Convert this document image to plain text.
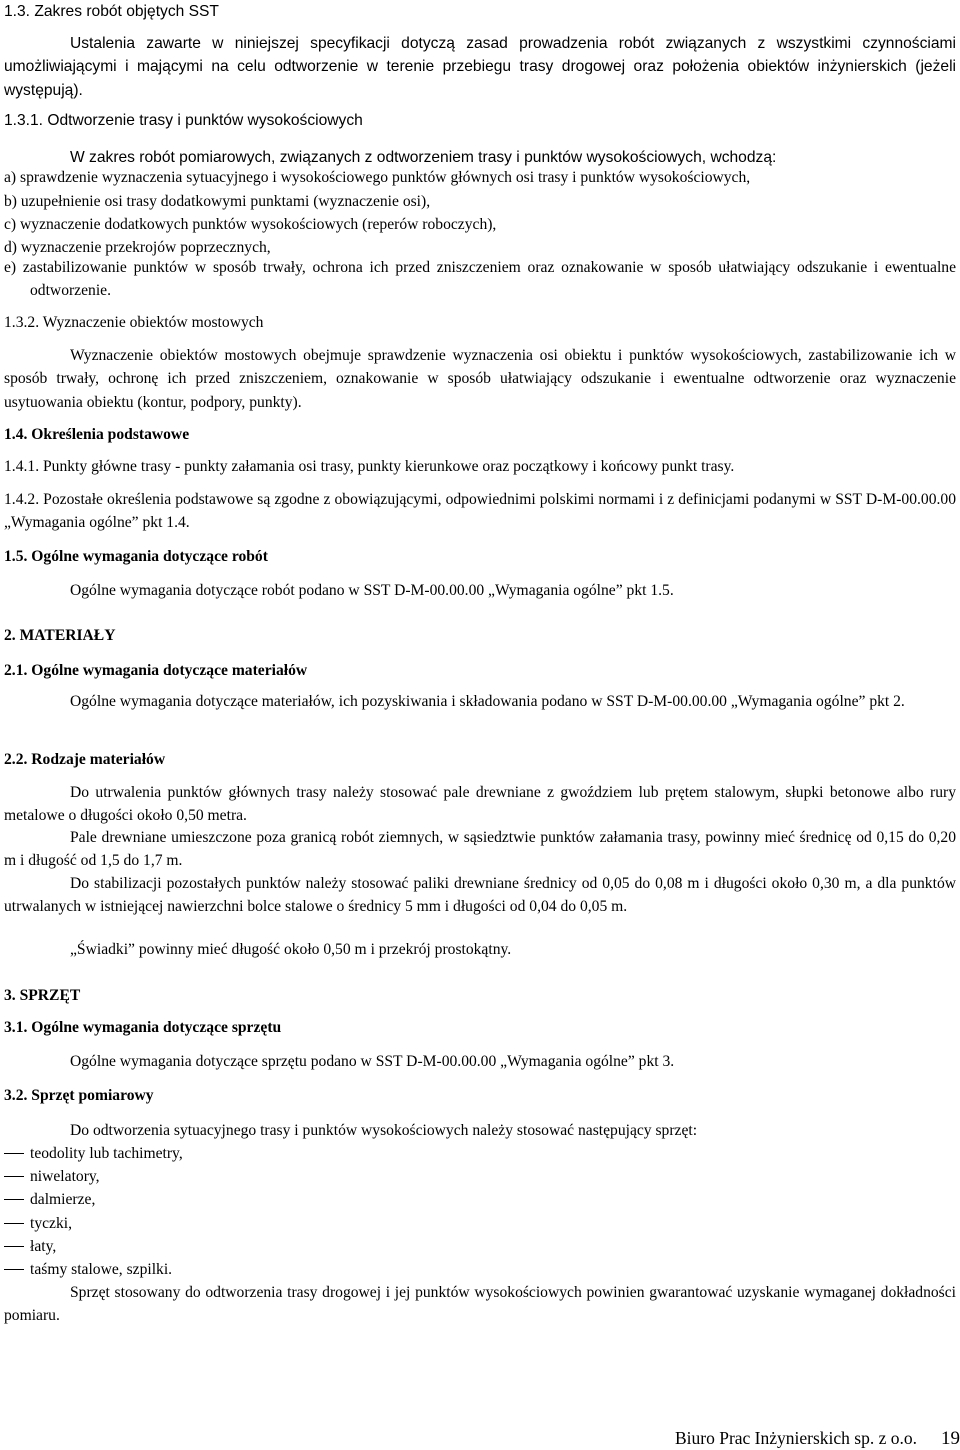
1.3. Zakres robót objętych SST
Ustalenia zawarte w niniejszej specyfikacji dotyczą zasad prowadzenia robót związanych z wszystkimi czynnościami umożliwiającymi i mającymi na celu odtworzenie w terenie przebiegu trasy drogowej oraz położenia obiektów inżynierskich (jeżeli występują).
1.3.1. Odtworzenie trasy i punktów wysokościowych
W zakres robót pomiarowych, związanych z odtworzeniem trasy i punktów wysokościowych, wchodzą:
a) sprawdzenie wyznaczenia sytuacyjnego i wysokościowego punktów głównych osi trasy i punktów wysokościowych,
b) uzupełnienie osi trasy dodatkowymi punktami (wyznaczenie osi),
c) wyznaczenie dodatkowych punktów wysokościowych (reperów roboczych),
d) wyznaczenie przekrojów poprzecznych,
e) zastabilizowanie punktów w sposób trwały, ochrona ich przed zniszczeniem oraz oznakowanie w sposób ułatwiający odszukanie i ewentualne odtworzenie.
1.3.2. Wyznaczenie obiektów mostowych
Wyznaczenie obiektów mostowych obejmuje sprawdzenie wyznaczenia osi obiektu i punktów wysokościowych, zastabilizowanie ich w sposób trwały, ochronę ich przed zniszczeniem, oznakowanie w sposób ułatwiający odszukanie i ewentualne odtworzenie oraz wyznaczenie usytuowania obiektu (kontur, podpory, punkty).
1.4. Określenia podstawowe
1.4.1. Punkty główne trasy - punkty załamania osi trasy, punkty kierunkowe oraz początkowy i końcowy punkt trasy.
1.4.2. Pozostałe określenia podstawowe są zgodne z obowiązującymi, odpowiednimi polskimi normami i z definicjami podanymi w SST D-M-00.00.00 „Wymagania ogólne” pkt 1.4.
1.5. Ogólne wymagania dotyczące robót
Ogólne wymagania dotyczące robót podano w SST D-M-00.00.00 „Wymagania ogólne” pkt 1.5.
2. MATERIAŁY
2.1. Ogólne wymagania dotyczące materiałów
Ogólne wymagania dotyczące materiałów, ich pozyskiwania i składowania podano w SST D-M-00.00.00 „Wymagania ogólne” pkt 2.
2.2. Rodzaje materiałów
Do utrwalenia punktów głównych trasy należy stosować pale drewniane z gwoździem lub prętem stalowym, słupki betonowe albo rury metalowe o długości około 0,50 metra.
Pale drewniane umieszczone poza granicą robót ziemnych, w sąsiedztwie punktów załamania trasy, powinny mieć średnicę od 0,15 do 0,20 m i długość od 1,5 do 1,7 m.
Do stabilizacji pozostałych punktów należy stosować paliki drewniane średnicy od 0,05 do 0,08 m i długości około 0,30 m, a dla punktów utrwalanych w istniejącej nawierzchni bolce stalowe o średnicy 5 mm i długości od 0,04 do 0,05 m.
„Świadki” powinny mieć długość około 0,50 m i przekrój prostokątny.
3. SPRZĘT
3.1. Ogólne wymagania dotyczące sprzętu
Ogólne wymagania dotyczące sprzętu podano w SST D-M-00.00.00 „Wymagania ogólne” pkt 3.
3.2. Sprzęt pomiarowy
Do odtworzenia sytuacyjnego trasy i punktów wysokościowych należy stosować następujący sprzęt:
teodolity lub tachimetry,
niwelatory,
dalmierze,
tyczki,
łaty,
taśmy stalowe, szpilki.
Sprzęt stosowany do odtworzenia trasy drogowej i jej punktów wysokościowych powinien gwarantować uzyskanie wymaganej dokładności pomiaru.
Biuro Prac Inżynierskich sp. z o.o. 19
